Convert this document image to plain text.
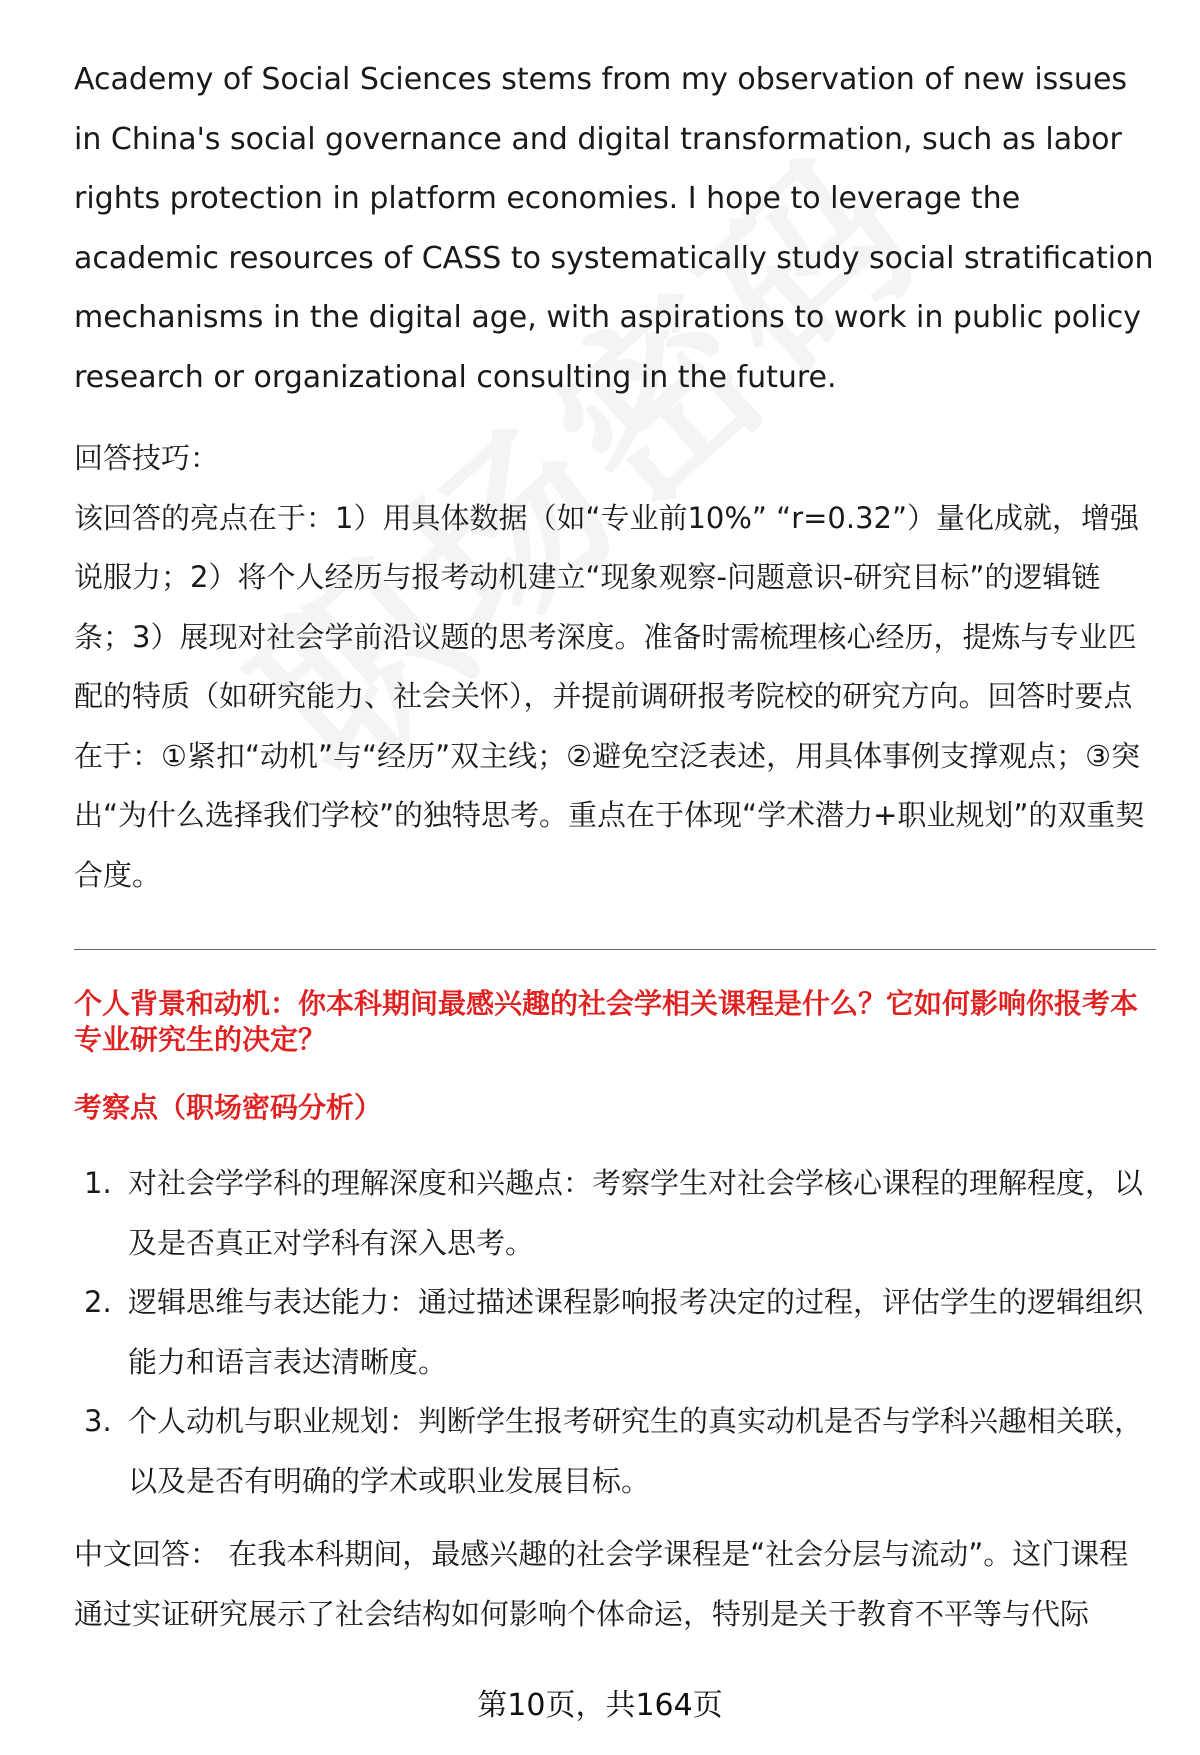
Academy of Social Sciences stems from my observation of new issues in China's social governance and digital transformation, such as labor rights protection in platform economies. I hope to leverage the academic resources of CASS to systematically study social stratification mechanisms in the digital age, with aspirations to work in public policy research or organizational consulting in the future.

回答技巧：

该回答的亮点在于：1）用具体数据（如“专业前10%” “r=0.32”）量化成就，增强说服力；2）将个人经历与报考动机建立“现象观察-问题意识-研究目标”的逻辑链条；3）展现对社会学前沿议题的思考深度。准备时需梳理核心经历，提炼与专业匹配的特质（如研究能力、社会关怀），并提前调研报考院校的研究方向。回答时要点在于：①紧扣“动机”与“经历”双主线；②避免空泛表述，用具体事例支撑观点；③突出“为什么选择我们学校”的独特思考。重点在于体现“学术潜力+职业规划”的双重契合度。

个人背景和动机：你本科期间最感兴趣的社会学相关课程是什么？它如何影响你报考本专业研究生的决定？

考察点（职场密码分析）

1. 对社会学学科的理解深度和兴趣点：考察学生对社会学核心课程的理解程度，以及是否真正对学科有深入思考。
2. 逻辑思维与表达能力：通过描述课程影响报考决定的过程，评估学生的逻辑组织能力和语言表达清晰度。
3. 个人动机与职业规划：判断学生报考研究生的真实动机是否与学科兴趣相关联，以及是否有明确的学术或职业发展目标。

中文回答： 在我本科期间，最感兴趣的社会学课程是“社会分层与流动”。这门课程通过实证研究展示了社会结构如何影响个体命运，特别是关于教育不平等与代际

第10页，共164页
